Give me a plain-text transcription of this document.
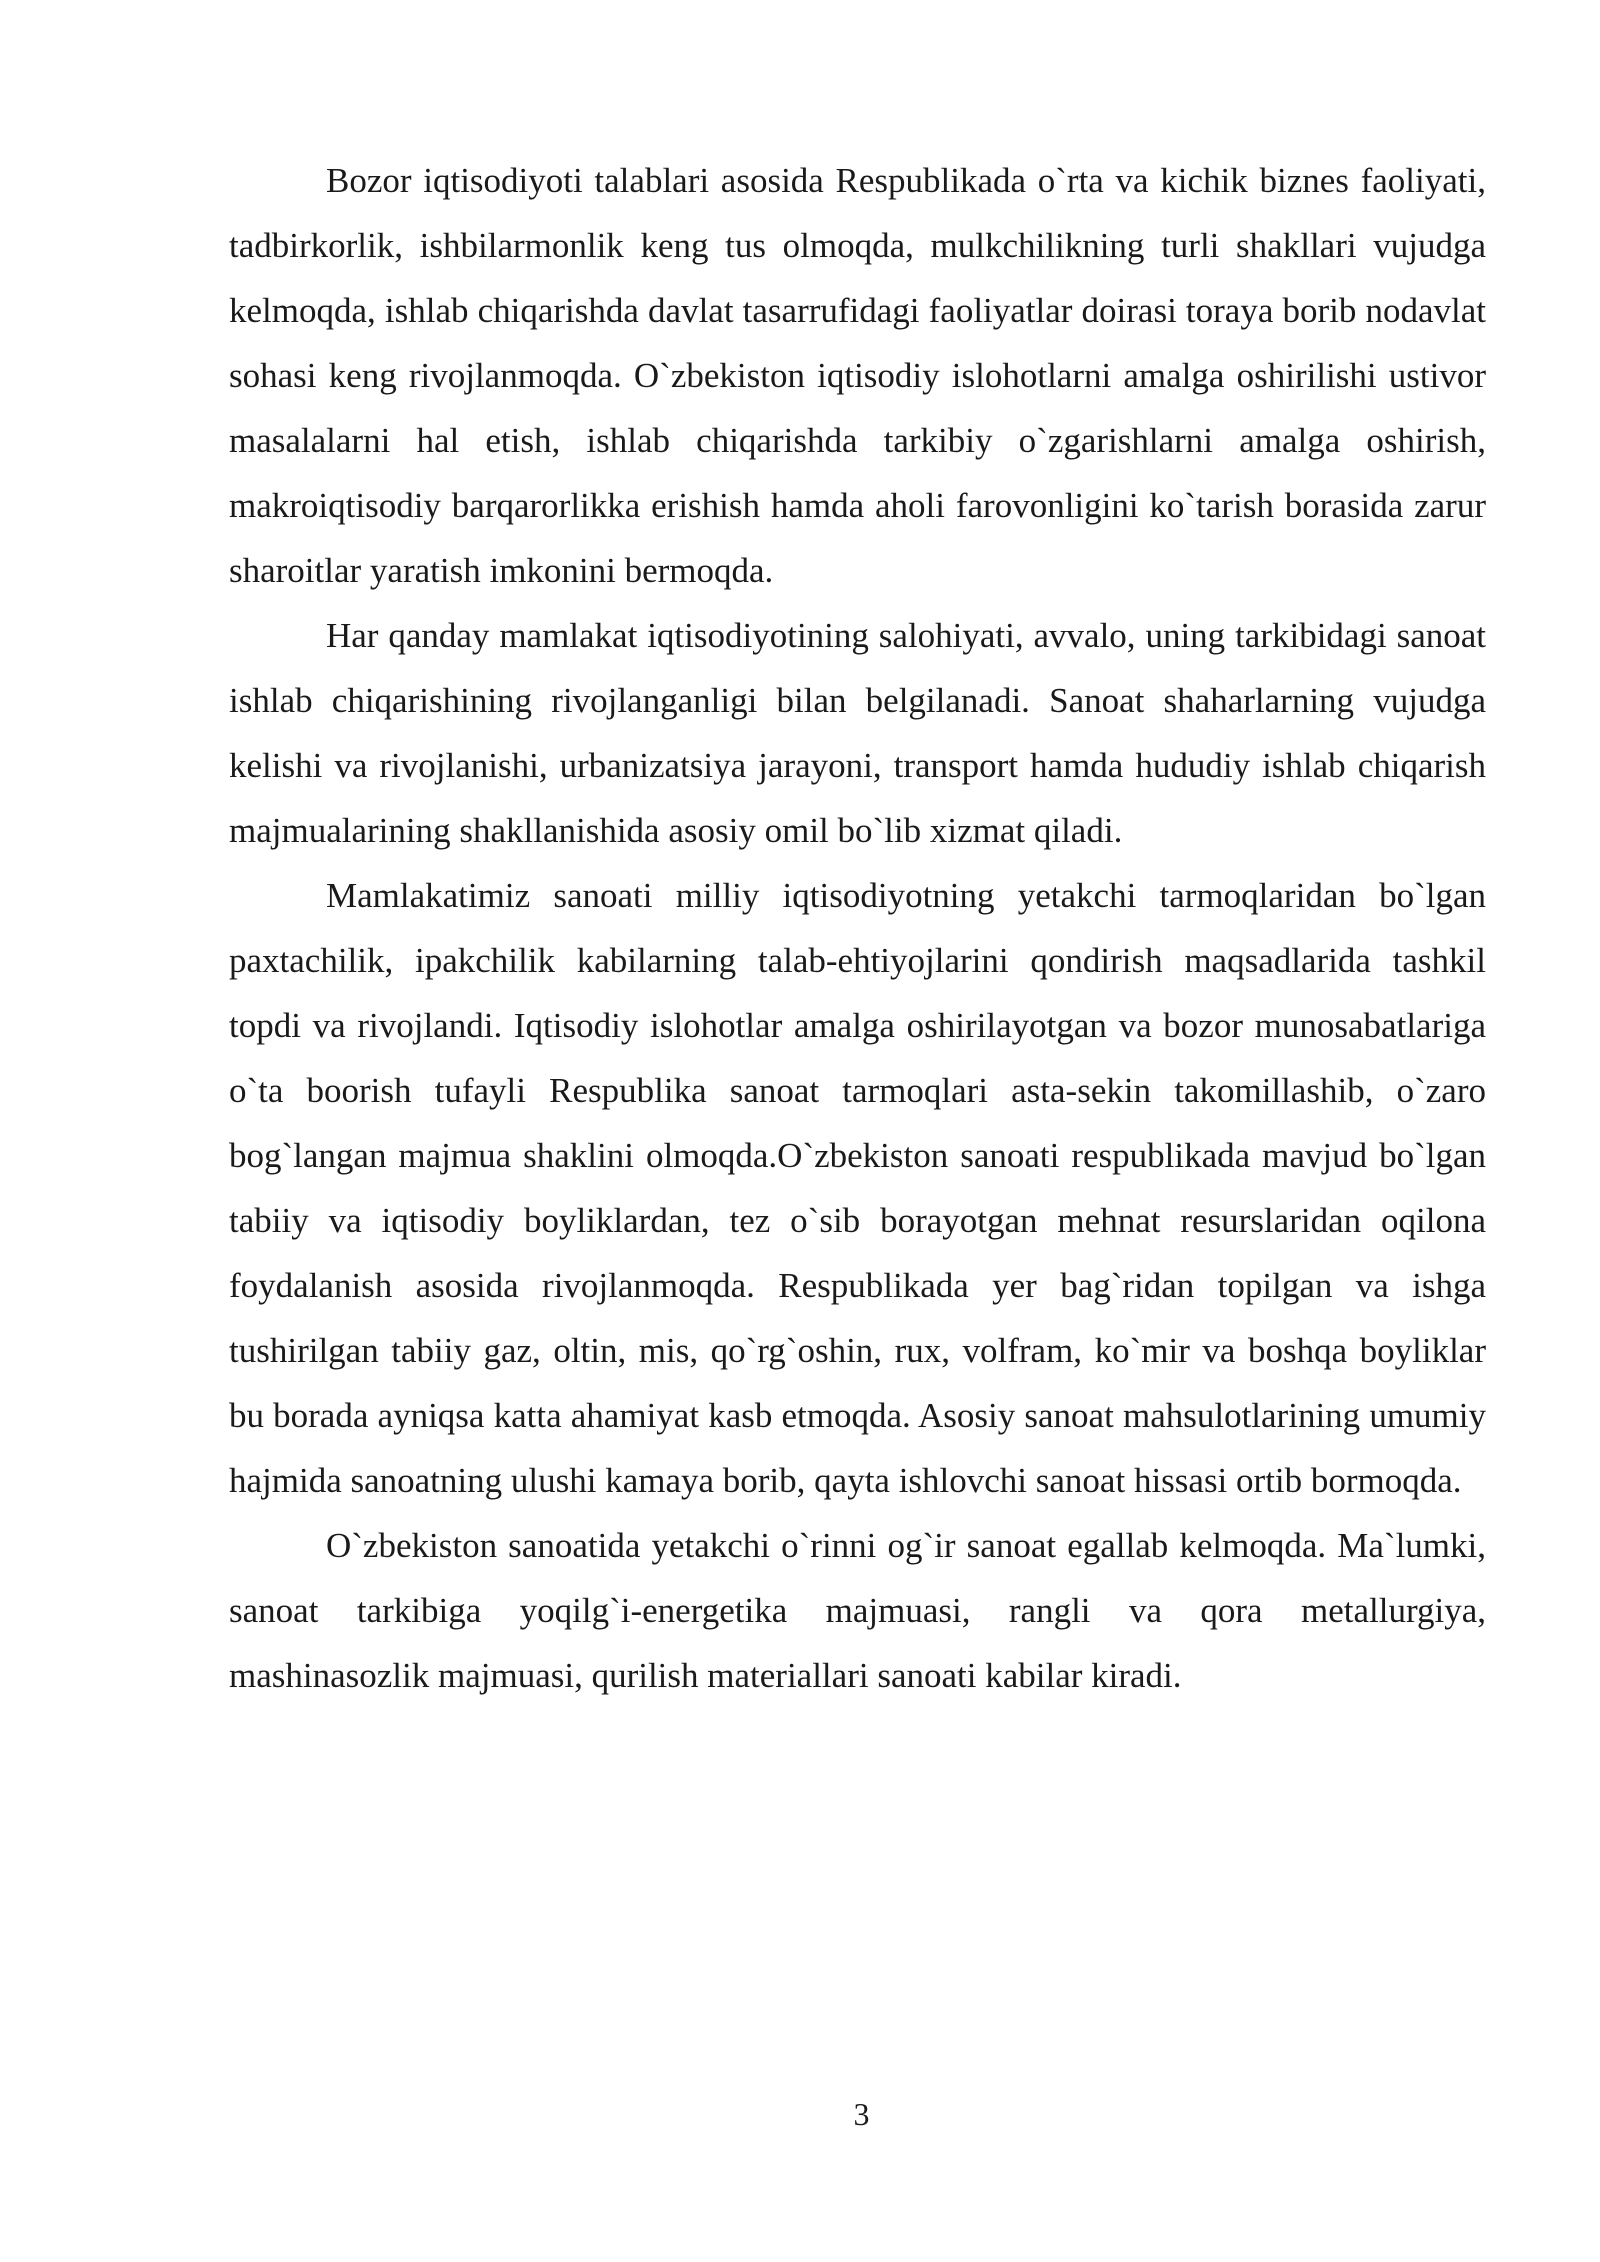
Bozor iqtisodiyoti talablari asosida Respublikada o`rta va kichik biznes faoliyati, tadbirkorlik, ishbilarmonlik keng tus olmoqda, mulkchilikning turli shakllari vujudga kelmoqda, ishlab chiqarishda davlat tasarrufidagi faoliyatlar doirasi toraya borib nodavlat sohasi keng rivojlanmoqda. O`zbekiston iqtisodiy islohotlarni amalga oshirilishi ustivor masalalarni hal etish, ishlab chiqarishda tarkibiy o`zgarishlarni amalga oshirish, makroiqtisodiy barqarorlikka erishish hamda aholi farovonligini ko`tarish borasida zarur sharoitlar yaratish imkonini bermoqda.

Har qanday mamlakat iqtisodiyotining salohiyati, avvalo, uning tarkibidagi sanoat ishlab chiqarishining rivojlanganligi bilan belgilanadi. Sanoat shaharlarning vujudga kelishi va rivojlanishi, urbanizatsiya jarayoni, transport hamda hududiy ishlab chiqarish majmualarining shakllanishida asosiy omil bo`lib xizmat qiladi.

Mamlakatimiz sanoati milliy iqtisodiyotning yetakchi tarmoqlaridan bo`lgan paxtachilik, ipakchilik kabilarning talab-ehtiyojlarini qondirish maqsadlarida tashkil topdi va rivojlandi. Iqtisodiy islohotlar amalga oshirilayotgan va bozor munosabatlariga o`ta boorish tufayli Respublika sanoat tarmoqlari asta-sekin takomillashib, o`zaro bog`langan majmua shaklini olmoqda.O`zbekiston sanoati respublikada mavjud bo`lgan tabiiy va iqtisodiy boyliklardan, tez o`sib borayotgan mehnat resurslaridan oqilona foydalanish asosida rivojlanmoqda. Respublikada yer bag`ridan topilgan va ishga tushirilgan tabiiy gaz, oltin, mis, qo`rg`oshin, rux, volfram, ko`mir va boshqa boyliklar bu borada ayniqsa katta ahamiyat kasb etmoqda. Asosiy sanoat mahsulotlarining umumiy hajmida sanoatning ulushi kamaya borib, qayta ishlovchi sanoat hissasi ortib bormoqda.

O`zbekiston sanoatida yetakchi o`rinni og`ir sanoat egallab kelmoqda. Ma`lumki, sanoat tarkibiga yoqilg`i-energetika majmuasi, rangli va qora metallurgiya, mashinasozlik majmuasi, qurilish materiallari sanoati kabilar kiradi.

3
